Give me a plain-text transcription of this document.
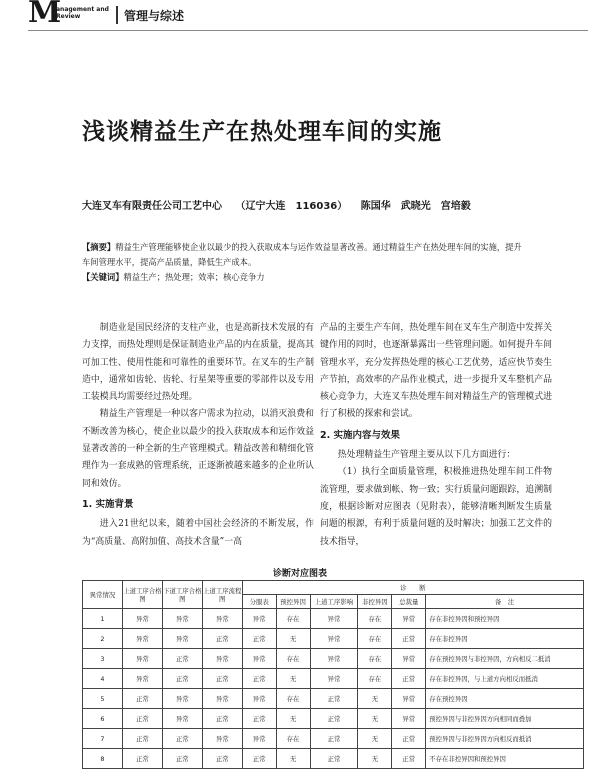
M
anagement and
Review	管理与综述
浅谈精益生产在热处理车间的实施
大连叉车有限责任公司工艺中心 （辽宁大连　116036） 陈国华　武晓光　宫培毅

【摘要】精益生产管理能够使企业以最少的投入获取成本与运作效益显著改善。通过精益生产在热处理车间的实施，提升车间管理水平，提高产品质量，降低生产成本。

【关键词】精益生产；热处理；效率；核心竞争力

制造业是国民经济的支柱产业，也是高新技术发展的有力支撑，而热处理则是保证制造业产品的内在质量，提高其可加工性、使用性能和可靠性的重要环节。在叉车的生产制造中，通常如齿轮、齿轮、行星架等重要的零部件以及专用工装模具均需要经过热处理。

精益生产管理是一种以客户需求为拉动，以消灭浪费和不断改善为核心，使企业以最少的投入获取成本和运作效益显著改善的一种全新的生产管理模式。精益改善和精细化管理作为一套成熟的管理系统，正逐渐被越来越多的企业所认同和效仿。

1. 实施背景

进入21世纪以来，随着中国社会经济的不断发展，作为“高质量、高附加值、高技术含量”一高

产品的主要生产车间，热处理车间在叉车生产制造中发挥关键作用的同时，也逐渐暴露出一些管理问题。如何提升车间管理水平，充分发挥热处理的核心工艺优势，适应快节奏生产节拍，高效率的产品作业模式，进一步提升叉车整机产品核心竞争力，大连叉车热处理车间对精益生产的管理模式进行了积极的探索和尝试。

2. 实施内容与效果

热处理精益生产管理主要从以下几方面进行：

（1）执行全面质量管理，积极推进热处理车间工件物流管理，要求做到帐、物一致；实行质量问题跟踪，追溯制度，根据诊断对应图表（见附表），能够清晰判断发生质量问题的根源，有利于质量问题的及时解决；加强工艺文件的技术指导，

诊断对应图表
異常情况	上道工序合格图	下道工序合格图	上道工序流程图	诊　　断					
				分服表	预控异因	上道工序影响	非控异因	总裁量	备　注
1	异常	异常	异常	异常	存在	异常	存在	异常	存在非控异因和预控异因
2	异常	异常	正常	正常	无	异常	存在	正常	存在非控异因
3	异常	正常	异常	异常	存在	异常	存在	异常	存在预控异因与非控异因，方向相反二抵消
4	异常	正常	正常	正常	无	异常	存在	正常	存在非控异因，与上道方向相反而抵消
5	正常	异常	异常	异常	存在	正常	无	异常	存在预控异因
6	正常	异常	正常	正常	无	正常	无	异常	预控异因与非控异因方向相同而叠加
7	正常	正常	异常	异常	存在	正常	无	正常	预控异因与非控异因方向相反而抵消
8	正常	正常	正常	正常	无	正常	无	正常	不存在非控异因和预控异因
